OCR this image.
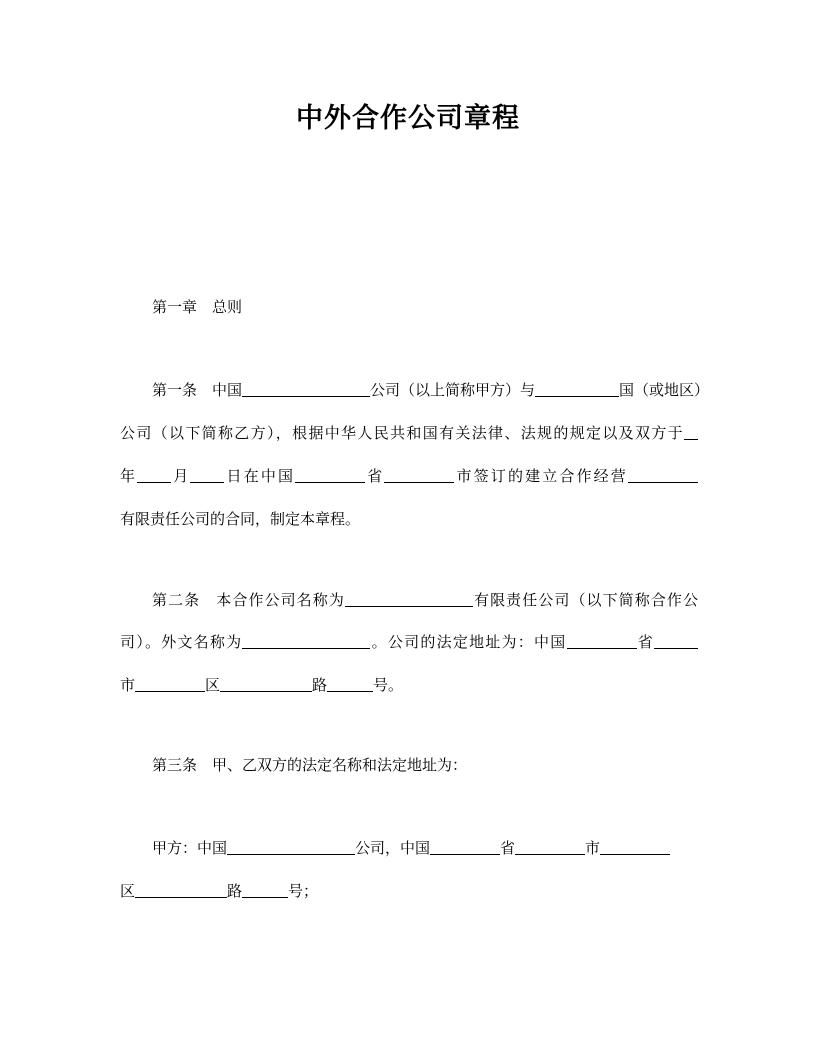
中外合作公司章程
第一章　总则
第一条　中国	公司（以上简称甲方）与	国（或地区）
公司（以下简称乙方），根据中华人民共和国有关法律、法规的规定以及双方于
年 月 日在中国	省	市签订的建立合作经营
有限责任公司的合同，制定本章程。
第二条　本合作公司名称为	有限责任公司（以下简称合作公
司）。外文名称为	。公司的法定地址为：中国	省
市	区	路	号。
第三条　甲、乙双方的法定名称和法定地址为：
甲方：中国	公司，中国	省	市
区	路	号；
